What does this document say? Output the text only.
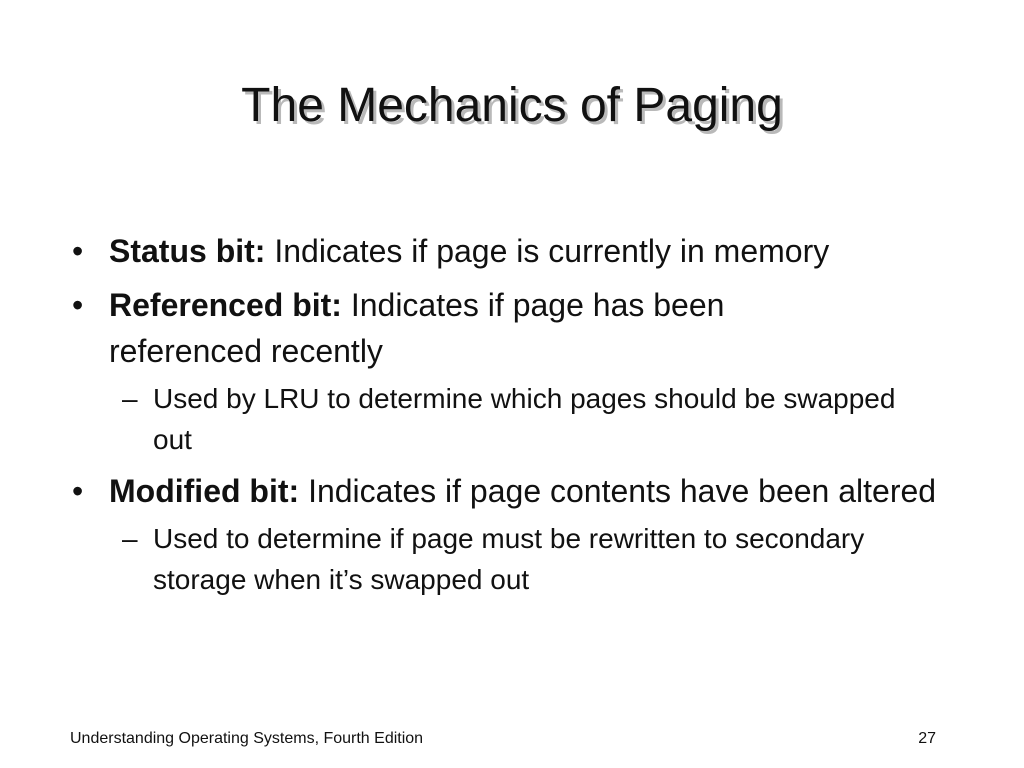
The Mechanics of Paging
• Status bit: Indicates if page is currently in memory
• Referenced bit: Indicates if page has been referenced recently
– Used by LRU to determine which pages should be swapped out
• Modified bit: Indicates if page contents have been altered
– Used to determine if page must be rewritten to secondary storage when it’s swapped out
Understanding Operating Systems, Fourth Edition	27
